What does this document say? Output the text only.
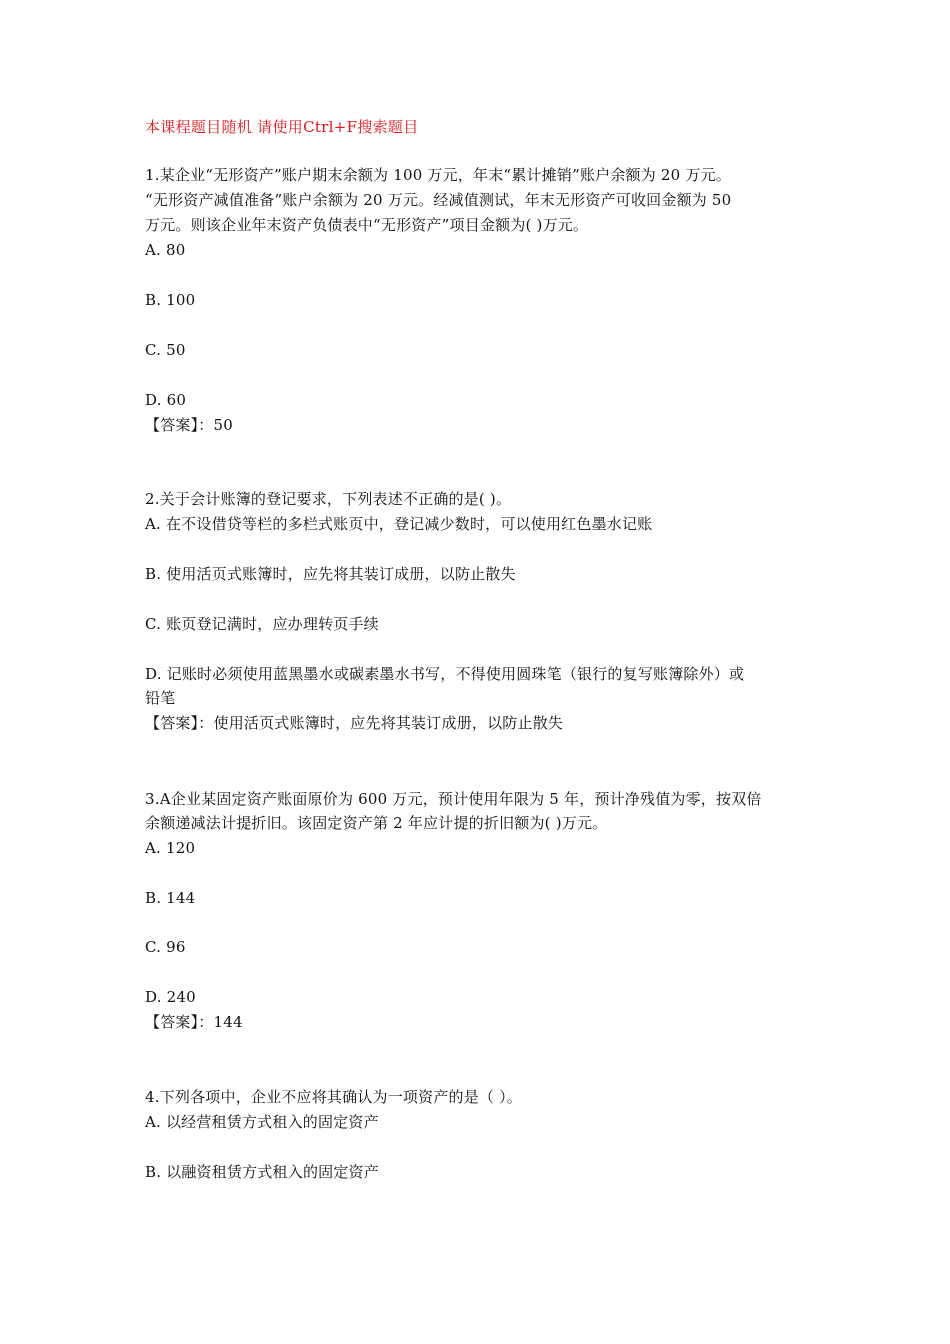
本课程题目随机 请使用Ctrl+F搜索题目
1.某企业“无形资产”账户期末余额为 100 万元，年末“累计摊销”账户余额为 20 万元。
“无形资产减值准备”账户余额为 20 万元。经减值测试，年末无形资产可收回金额为 50
万元。则该企业年末资产负债表中“无形资产”项目金额为( )万元。
A. 80
B. 100
C. 50
D. 60
【答案】：50
2.关于会计账簿的登记要求，下列表述不正确的是( )。
A. 在不设借贷等栏的多栏式账页中，登记减少数时，可以使用红色墨水记账
B. 使用活页式账簿时，应先将其装订成册，以防止散失
C. 账页登记满时，应办理转页手续
D. 记账时必须使用蓝黑墨水或碳素墨水书写，不得使用圆珠笔（银行的复写账簿除外）或
铅笔
【答案】：使用活页式账簿时，应先将其装订成册，以防止散失
3.A企业某固定资产账面原价为 600 万元，预计使用年限为 5 年，预计净残值为零，按双倍
余额递减法计提折旧。该固定资产第 2 年应计提的折旧额为( )万元。
A. 120
B. 144
C. 96
D. 240
【答案】：144
4.下列各项中，企业不应将其确认为一项资产的是（ ）。
A. 以经营租赁方式租入的固定资产
B. 以融资租赁方式租入的固定资产
